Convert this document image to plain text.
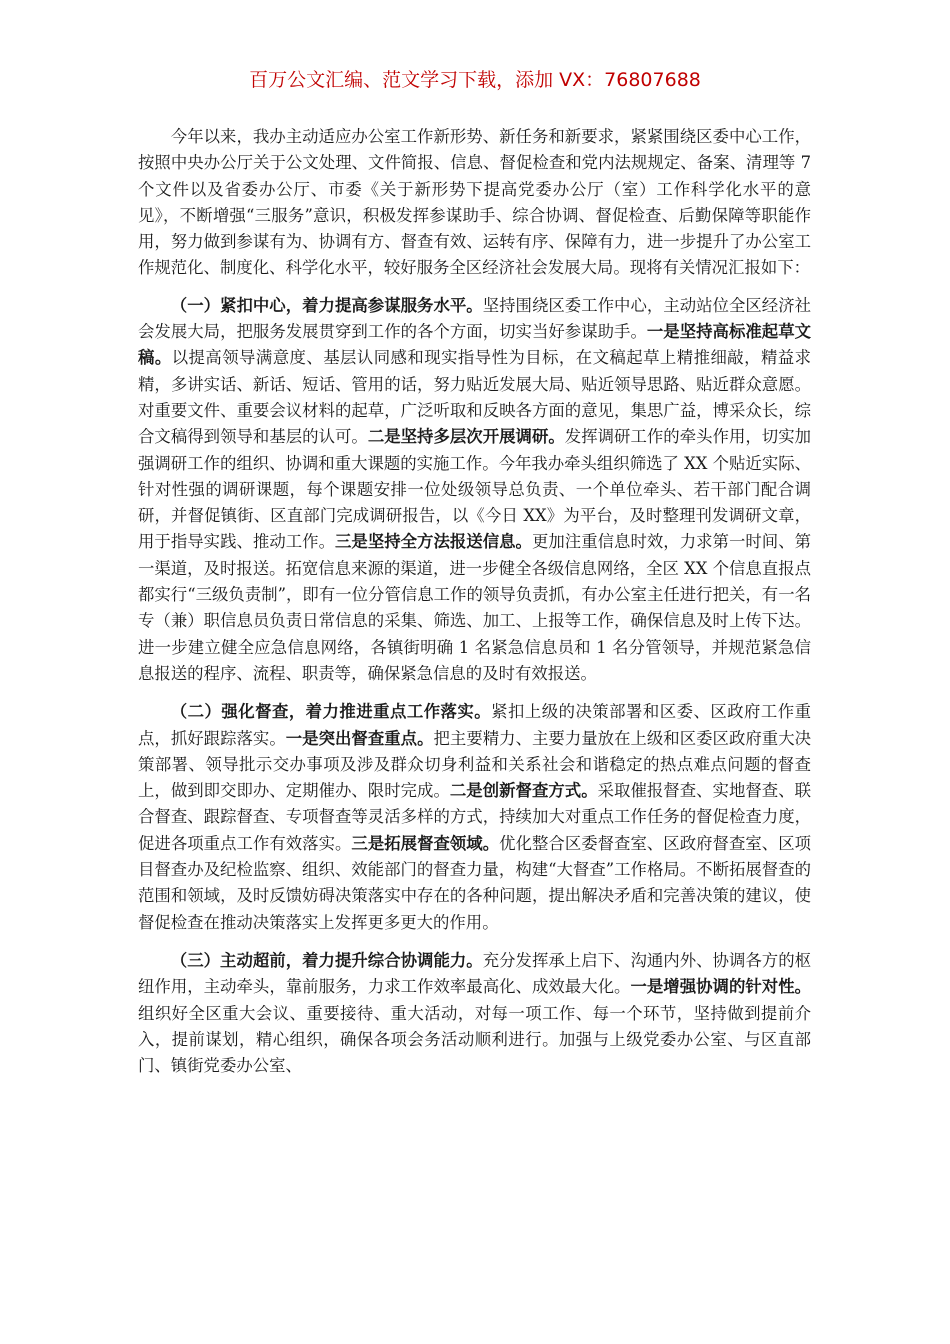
百万公文汇编、范文学习下载，添加 VX：76807688

今年以来，我办主动适应办公室工作新形势、新任务和新要求，紧紧围绕区委中心工作，按照中央办公厅关于公文处理、文件简报、信息、督促检查和党内法规规定、备案、清理等 7 个文件以及省委办公厅、市委《关于新形势下提高党委办公厅（室）工作科学化水平的意见》，不断增强“三服务”意识，积极发挥参谋助手、综合协调、督促检查、后勤保障等职能作用，努力做到参谋有为、协调有方、督查有效、运转有序、保障有力，进一步提升了办公室工作规范化、制度化、科学化水平，较好服务全区经济社会发展大局。现将有关情况汇报如下：

（一）紧扣中心，着力提高参谋服务水平。坚持围绕区委工作中心，主动站位全区经济社会发展大局，把服务发展贯穿到工作的各个方面，切实当好参谋助手。一是坚持高标准起草文稿。以提高领导满意度、基层认同感和现实指导性为目标，在文稿起草上精推细敲，精益求精，多讲实话、新话、短话、管用的话，努力贴近发展大局、贴近领导思路、贴近群众意愿。对重要文件、重要会议材料的起草，广泛听取和反映各方面的意见，集思广益，博采众长，综合文稿得到领导和基层的认可。二是坚持多层次开展调研。发挥调研工作的牵头作用，切实加强调研工作的组织、协调和重大课题的实施工作。今年我办牵头组织筛选了 XX 个贴近实际、针对性强的调研课题，每个课题安排一位处级领导总负责、一个单位牵头、若干部门配合调研，并督促镇街、区直部门完成调研报告，以《今日 XX》为平台，及时整理刊发调研文章，用于指导实践、推动工作。三是坚持全方法报送信息。更加注重信息时效，力求第一时间、第一渠道，及时报送。拓宽信息来源的渠道，进一步健全各级信息网络，全区 XX 个信息直报点都实行“三级负责制”，即有一位分管信息工作的领导负责抓，有办公室主任进行把关，有一名专（兼）职信息员负责日常信息的采集、筛选、加工、上报等工作，确保信息及时上传下达。进一步建立健全应急信息网络，各镇街明确 1 名紧急信息员和 1 名分管领导，并规范紧急信息报送的程序、流程、职责等，确保紧急信息的及时有效报送。

（二）强化督查，着力推进重点工作落实。紧扣上级的决策部署和区委、区政府工作重点，抓好跟踪落实。一是突出督查重点。把主要精力、主要力量放在上级和区委区政府重大决策部署、领导批示交办事项及涉及群众切身利益和关系社会和谐稳定的热点难点问题的督查上，做到即交即办、定期催办、限时完成。二是创新督查方式。采取催报督查、实地督查、联合督查、跟踪督查、专项督查等灵活多样的方式，持续加大对重点工作任务的督促检查力度，促进各项重点工作有效落实。三是拓展督查领域。优化整合区委督查室、区政府督查室、区项目督查办及纪检监察、组织、效能部门的督查力量，构建“大督查”工作格局。不断拓展督查的范围和领域，及时反馈妨碍决策落实中存在的各种问题，提出解决矛盾和完善决策的建议，使督促检查在推动决策落实上发挥更多更大的作用。

（三）主动超前，着力提升综合协调能力。充分发挥承上启下、沟通内外、协调各方的枢纽作用，主动牵头，靠前服务，力求工作效率最高化、成效最大化。一是增强协调的针对性。组织好全区重大会议、重要接待、重大活动，对每一项工作、每一个环节，坚持做到提前介入，提前谋划，精心组织，确保各项会务活动顺利进行。加强与上级党委办公室、与区直部门、镇街党委办公室、
